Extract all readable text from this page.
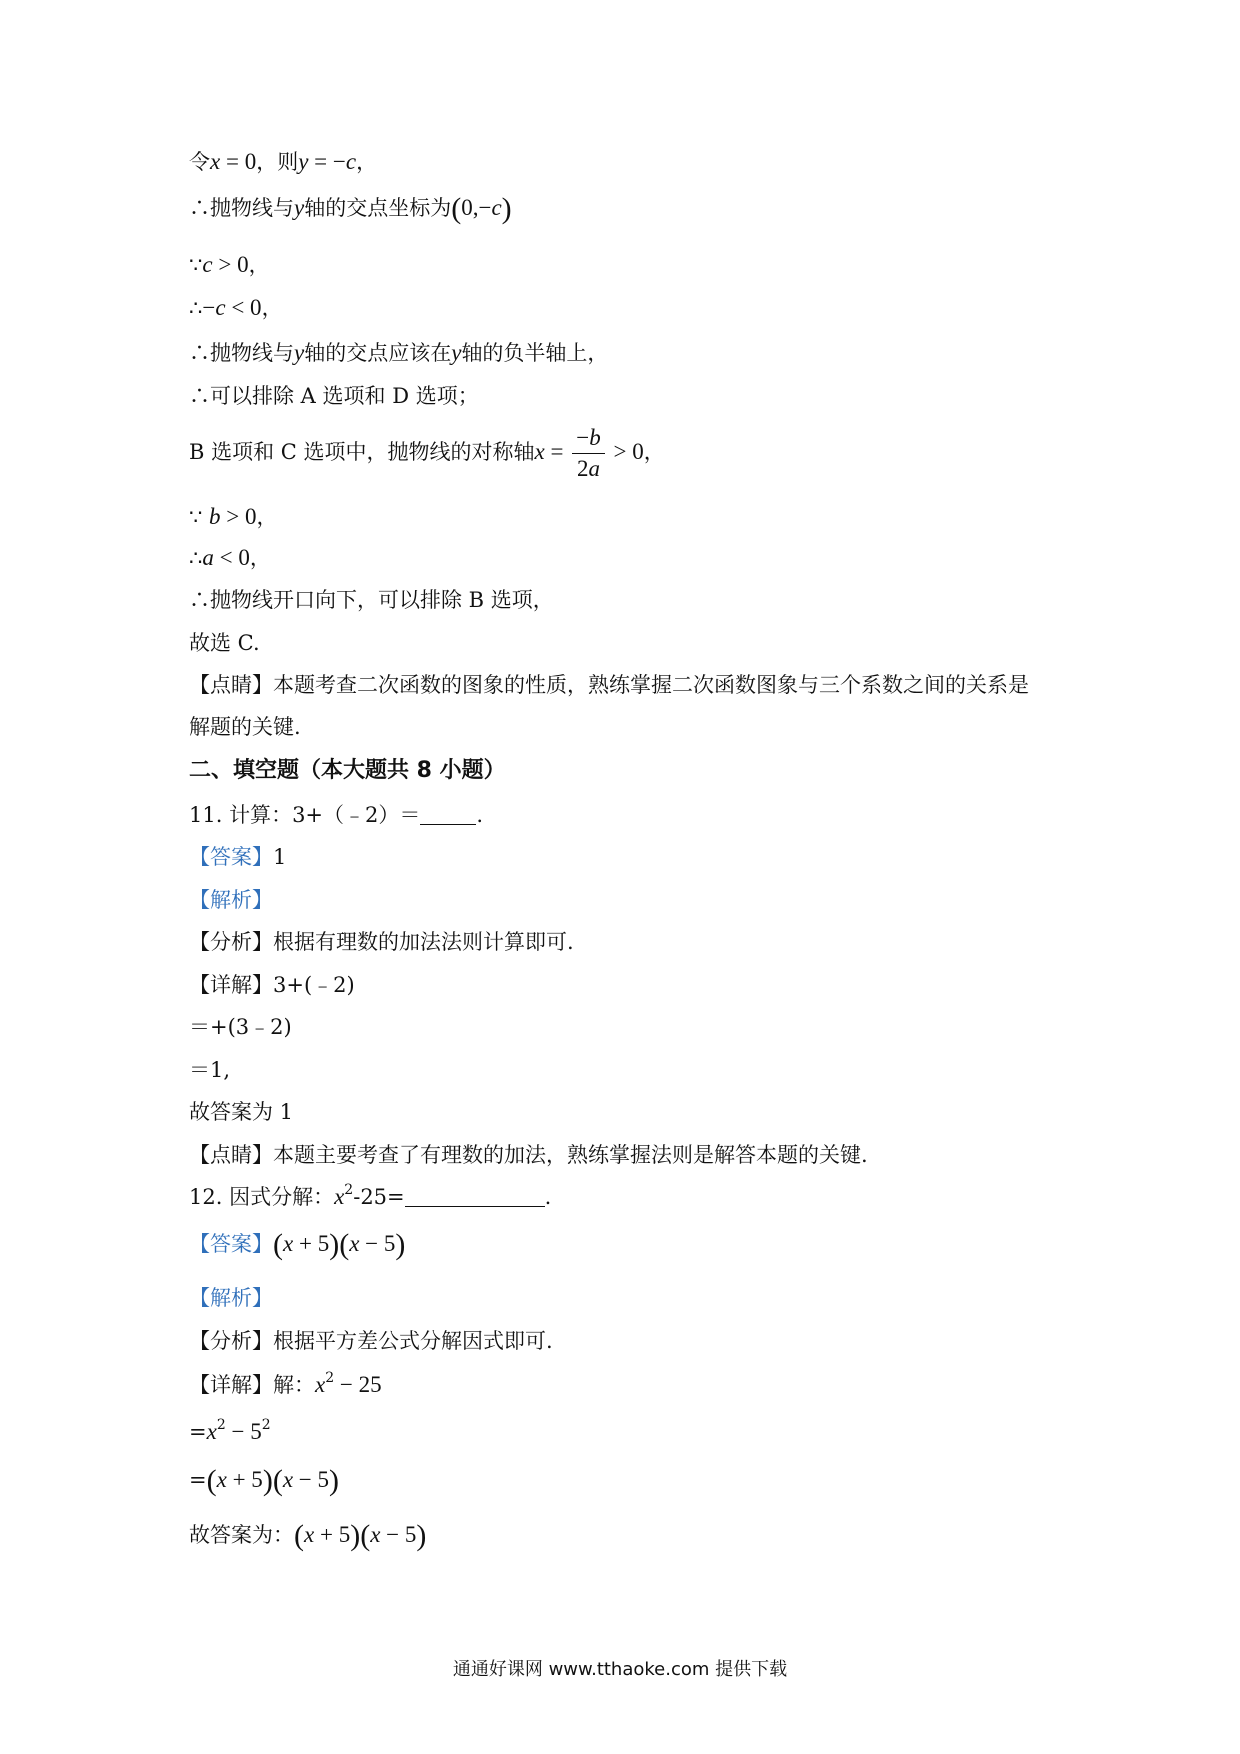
令x = 0，则y = −c，
∴抛物线与y轴的交点坐标为(0,−c)
∵c > 0，
∴−c < 0，
∴抛物线与y轴的交点应该在y轴的负半轴上，
∴可以排除 A 选项和 D 选项；
B 选项和 C 选项中，抛物线的对称轴$x = \frac{-b}{2a} > 0$，
∵ b > 0，
∴a < 0，
∴抛物线开口向下，可以排除 B 选项，
故选 C.
【点睛】本题考查二次函数的图象的性质，熟练掌握二次函数图象与三个系数之间的关系是
解题的关键.
二、填空题（本大题共 8 小题）
11. 计算：3+（﹣2）＝	.
【答案】1
【解析】
【分析】根据有理数的加法法则计算即可.
【详解】3+(﹣2)
＝+(3﹣2)
＝1,
故答案为 1
【点睛】本题主要考查了有理数的加法，熟练掌握法则是解答本题的关键.
12. 因式分解：$x^2-25=$	.
【答案】(x + 5)(x − 5)
【解析】
【分析】根据平方差公式分解因式即可.
【详解】解：$x^2 - 25$
$=x^2 - 5^2$
=(x + 5)(x − 5)
故答案为：(x + 5)(x − 5)
通通好课网 www.tthaoke.com 提供下载
